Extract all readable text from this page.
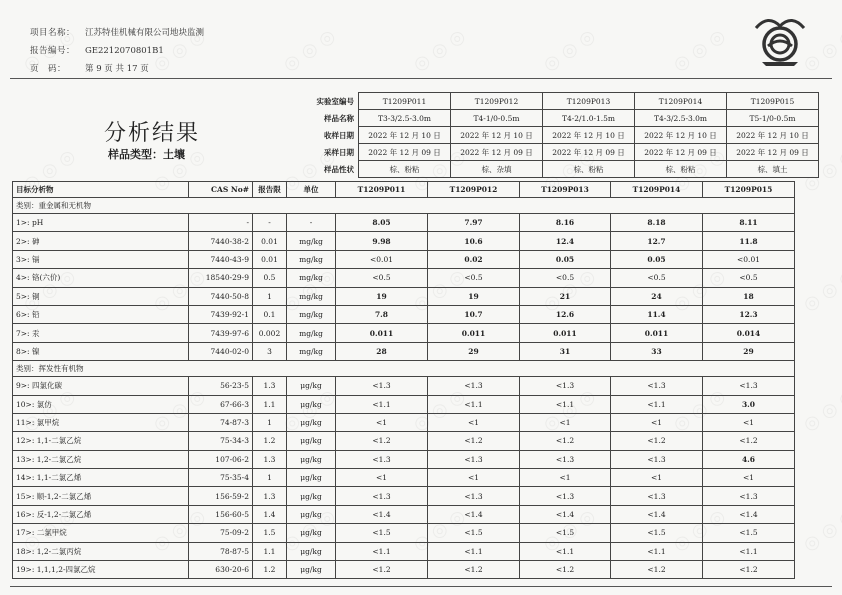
项目名称： 江苏特佳机械有限公司地块监测
报告编号： GE2212070801B1
页　码： 第 9 页 共 17 页
分析结果
样品类型：土壤
实验室编号	T1209P011	T1209P012	T1209P013	T1209P014	T1209P015
样品名称	T3-3/2.5-3.0m	T4-1/0-0.5m	T4-2/1.0-1.5m	T4-3/2.5-3.0m	T5-1/0-0.5m
收样日期	2022 年 12 月 10 日	2022 年 12 月 10 日	2022 年 12 月 10 日	2022 年 12 月 10 日	2022 年 12 月 10 日
采样日期	2022 年 12 月 09 日	2022 年 12 月 09 日	2022 年 12 月 09 日	2022 年 12 月 09 日	2022 年 12 月 09 日
样品性状	棕、粉粘	棕、杂填	棕、粉粘	棕、粉粘	棕、填土
目标分析物	CAS No#	报告限	单位	T1209P011	T1209P012	T1209P013	T1209P014	T1209P015
类别：重金属和无机物								
1>: pH	-	-	-	8.05	7.97	8.16	8.18	8.11
2>: 砷	7440-38-2	0.01	mg/kg	9.98	10.6	12.4	12.7	11.8
3>: 镉	7440-43-9	0.01	mg/kg	<0.01	0.02	0.05	0.05	<0.01
4>: 铬(六价)	18540-29-9	0.5	mg/kg	<0.5	<0.5	<0.5	<0.5	<0.5
5>: 铜	7440-50-8	1	mg/kg	19	19	21	24	18
6>: 铅	7439-92-1	0.1	mg/kg	7.8	10.7	12.6	11.4	12.3
7>: 汞	7439-97-6	0.002	mg/kg	0.011	0.011	0.011	0.011	0.014
8>: 镍	7440-02-0	3	mg/kg	28	29	31	33	29
类别：挥发性有机物								
9>: 四氯化碳	56-23-5	1.3	μg/kg	<1.3	<1.3	<1.3	<1.3	<1.3
10>: 氯仿	67-66-3	1.1	μg/kg	<1.1	<1.1	<1.1	<1.1	3.0
11>: 氯甲烷	74-87-3	1	μg/kg	<1	<1	<1	<1	<1
12>: 1,1-二氯乙烷	75-34-3	1.2	μg/kg	<1.2	<1.2	<1.2	<1.2	<1.2
13>: 1,2-二氯乙烷	107-06-2	1.3	μg/kg	<1.3	<1.3	<1.3	<1.3	4.6
14>: 1,1-二氯乙烯	75-35-4	1	μg/kg	<1	<1	<1	<1	<1
15>: 顺-1,2-二氯乙烯	156-59-2	1.3	μg/kg	<1.3	<1.3	<1.3	<1.3	<1.3
16>: 反-1,2-二氯乙烯	156-60-5	1.4	μg/kg	<1.4	<1.4	<1.4	<1.4	<1.4
17>: 二氯甲烷	75-09-2	1.5	μg/kg	<1.5	<1.5	<1.5	<1.5	<1.5
18>: 1,2-二氯丙烷	78-87-5	1.1	μg/kg	<1.1	<1.1	<1.1	<1.1	<1.1
19>: 1,1,1,2-四氯乙烷	630-20-6	1.2	μg/kg	<1.2	<1.2	<1.2	<1.2	<1.2
